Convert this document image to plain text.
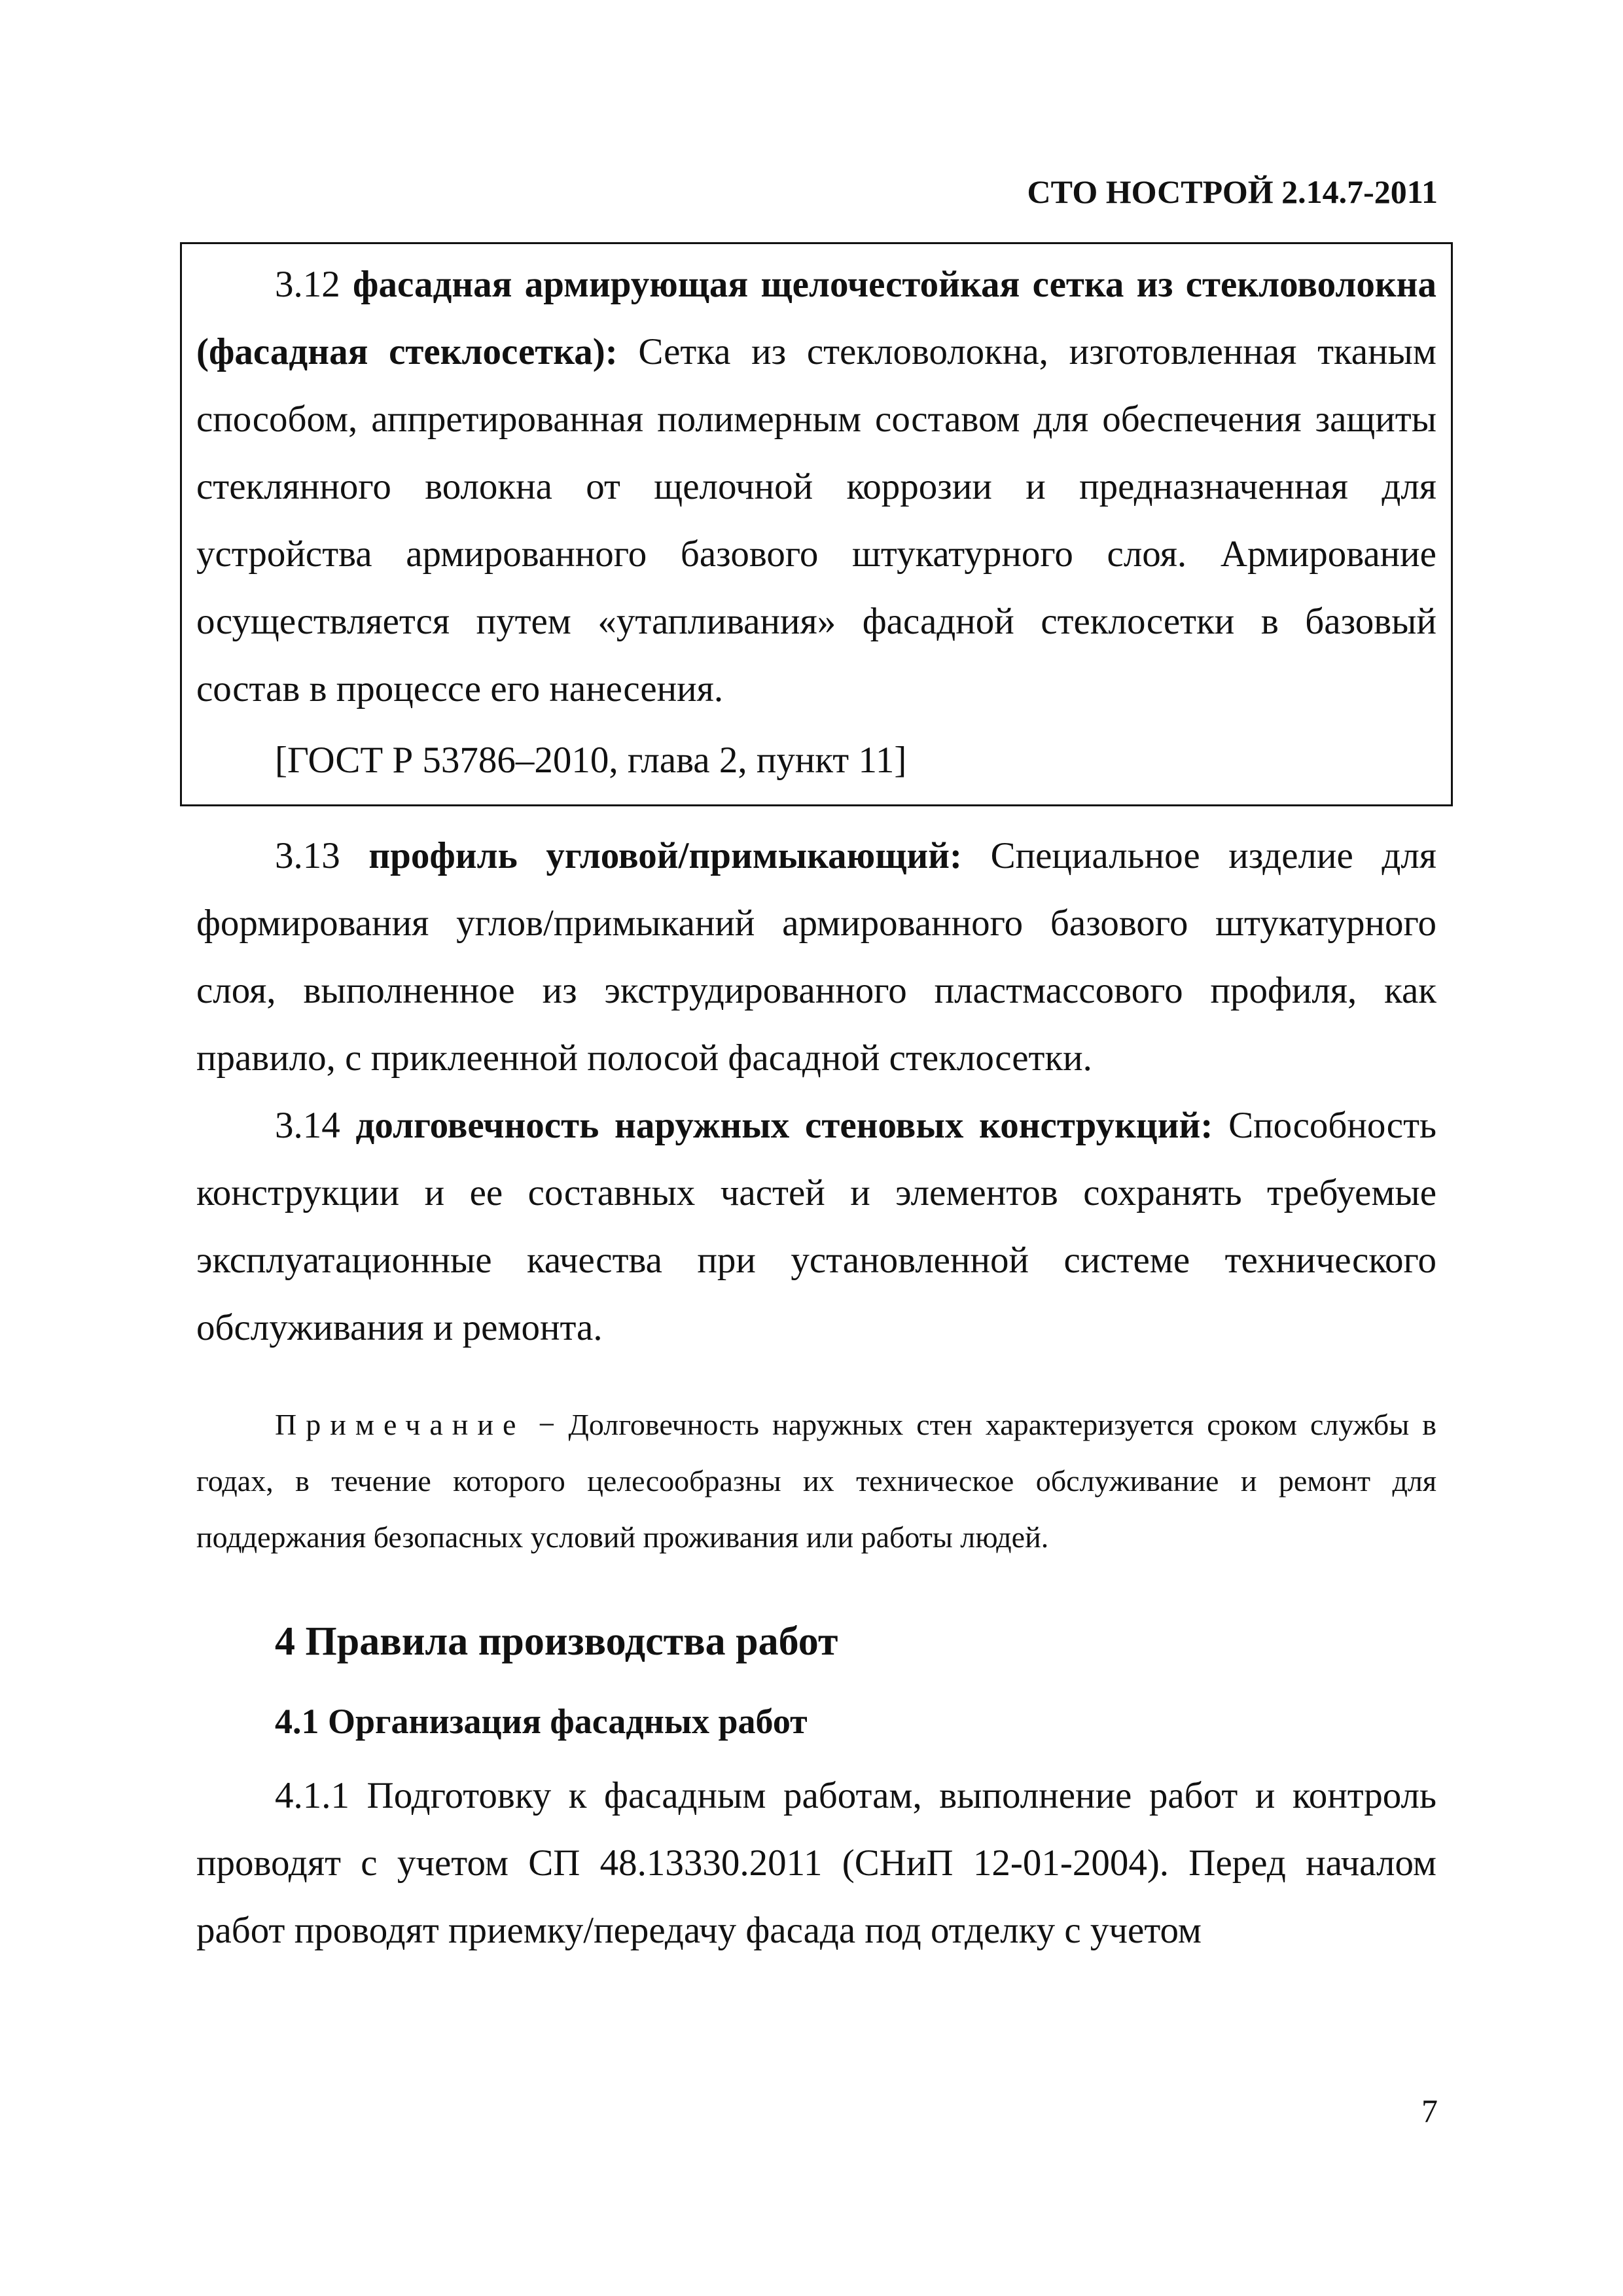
СТО НОСТРОЙ 2.14.7-2011

3.12 фасадная армирующая щелочестойкая сетка из стекловолокна (фасадная стеклосетка): Сетка из стекловолокна, изготовленная тканым способом, аппретированная полимерным составом для обеспечения защиты стеклянного волокна от щелочной коррозии и предназначенная для устройства армированного базового штукатурного слоя. Армирование осуществляется путем «утапливания» фасадной стеклосетки в базовый состав в процессе его нанесения.

[ГОСТ Р 53786–2010, глава 2, пункт 11]

3.13 профиль угловой/примыкающий: Специальное изделие для формирования углов/примыканий армированного базового штукатурного слоя, выполненное из экструдированного пластмассового профиля, как правило, с приклеенной полосой фасадной стеклосетки.

3.14 долговечность наружных стеновых конструкций: Способность конструкции и ее составных частей и элементов сохранять требуемые эксплуатационные качества при установленной системе технического обслуживания и ремонта.

Примечание − Долговечность наружных стен характеризуется сроком службы в годах, в течение которого целесообразны их техническое обслуживание и ремонт для поддержания безопасных условий проживания или работы людей.

4 Правила производства работ
4.1 Организация фасадных работ

4.1.1 Подготовку к фасадным работам, выполнение работ и контроль проводят с учетом СП 48.13330.2011 (СНиП 12-01-2004). Перед началом работ проводят приемку/передачу фасада под отделку с учетом

7
